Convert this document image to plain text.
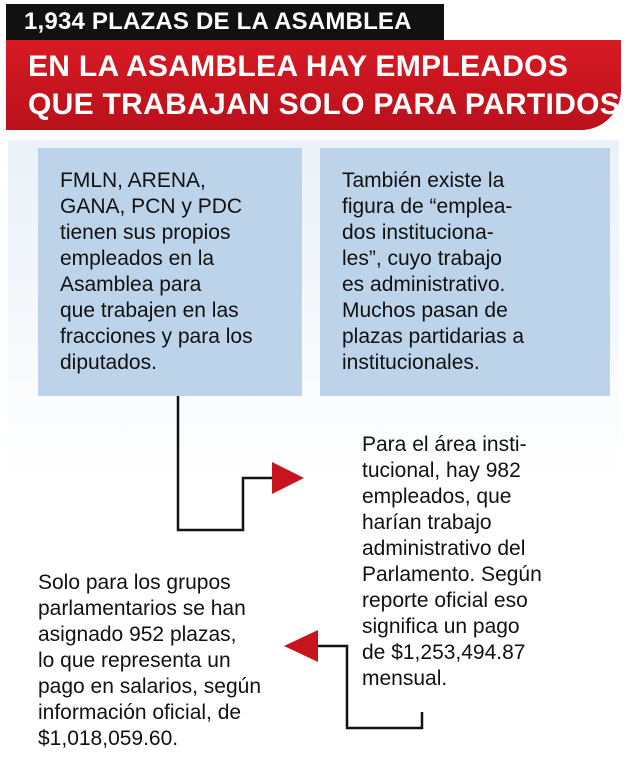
1,934 PLAZAS DE LA ASAMBLEA
EN LA ASAMBLEA HAY EMPLEADOS
QUE TRABAJAN SOLO PARA PARTIDOS
FMLN, ARENA,
GANA, PCN y PDC
tienen sus propios
empleados en la
Asamblea para
que trabajen en las
fracciones y para los
diputados.
También existe la
figura de “emplea-
dos instituciona-
les”, cuyo trabajo
es administrativo.
Muchos pasan de
plazas partidarias a
institucionales.
Para el área insti-
tucional, hay 982
empleados, que
harían trabajo
administrativo del
Parlamento. Según
reporte oficial eso
significa un pago
de $1,253,494.87
mensual.
Solo para los grupos
parlamentarios se han
asignado 952 plazas,
lo que representa un
pago en salarios, según
información oficial, de
$1,018,059.60.
